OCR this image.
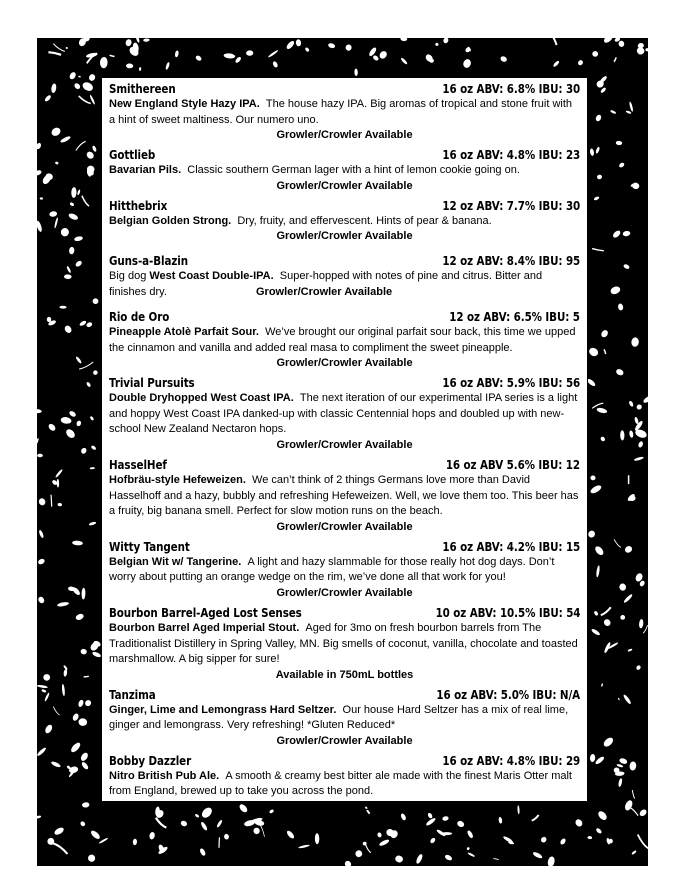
Smithereen	16 oz ABV: 6.8% IBU: 30

New England Style Hazy IPA. The house hazy IPA. Big aromas of tropical and stone fruit with a hint of sweet maltiness. Our numero uno.

Growler/Crowler Available

Gottlieb	16 oz ABV: 4.8% IBU: 23

Bavarian Pils. Classic southern German lager with a hint of lemon cookie going on.

Growler/Crowler Available

Hitthebrix	12 oz ABV: 7.7% IBU: 30

Belgian Golden Strong. Dry, fruity, and effervescent. Hints of pear & banana.

Growler/Crowler Available

Guns-a-Blazin	12 oz ABV: 8.4% IBU: 95

Big dog West Coast Double-IPA. Super-hopped with notes of pine and citrus. Bitter and finishes dry.	Growler/Crowler Available

Rio de Oro	12 oz ABV: 6.5% IBU: 5

Pineapple Atolè Parfait Sour. We’ve brought our original parfait sour back, this time we upped the cinnamon and vanilla and added real masa to compliment the sweet pineapple.

Growler/Crowler Available

Trivial Pursuits	16 oz ABV: 5.9% IBU: 56

Double Dryhopped West Coast IPA. The next iteration of our experimental IPA series is a light and hoppy West Coast IPA danked-up with classic Centennial hops and doubled up with new-school New Zealand Nectaron hops.

Growler/Crowler Available

HasselHef	16 oz ABV 5.6% IBU: 12

Hofbräu-style Hefeweizen. We can’t think of 2 things Germans love more than David Hasselhoff and a hazy, bubbly and refreshing Hefeweizen. Well, we love them too. This beer has a fruity, big banana smell. Perfect for slow motion runs on the beach.

Growler/Crowler Available

Witty Tangent	16 oz ABV: 4.2% IBU: 15

Belgian Wit w/ Tangerine. A light and hazy slammable for those really hot dog days. Don’t worry about putting an orange wedge on the rim, we’ve done all that work for you!

Growler/Crowler Available

Bourbon Barrel-Aged Lost Senses	10 oz ABV: 10.5% IBU: 54

Bourbon Barrel Aged Imperial Stout. Aged for 3mo on fresh bourbon barrels from The Traditionalist Distillery in Spring Valley, MN. Big smells of coconut, vanilla, chocolate and toasted marshmallow. A big sipper for sure!

Available in 750mL bottles

Tanzima	16 oz ABV: 5.0% IBU: N/A

Ginger, Lime and Lemongrass Hard Seltzer. Our house Hard Seltzer has a mix of real lime, ginger and lemongrass. Very refreshing! *Gluten Reduced*

Growler/Crowler Available

Bobby Dazzler	16 oz ABV: 4.8% IBU: 29

Nitro British Pub Ale. A smooth & creamy best bitter ale made with the finest Maris Otter malt from England, brewed up to take you across the pond.

NOT AVAILABLE TO GO
